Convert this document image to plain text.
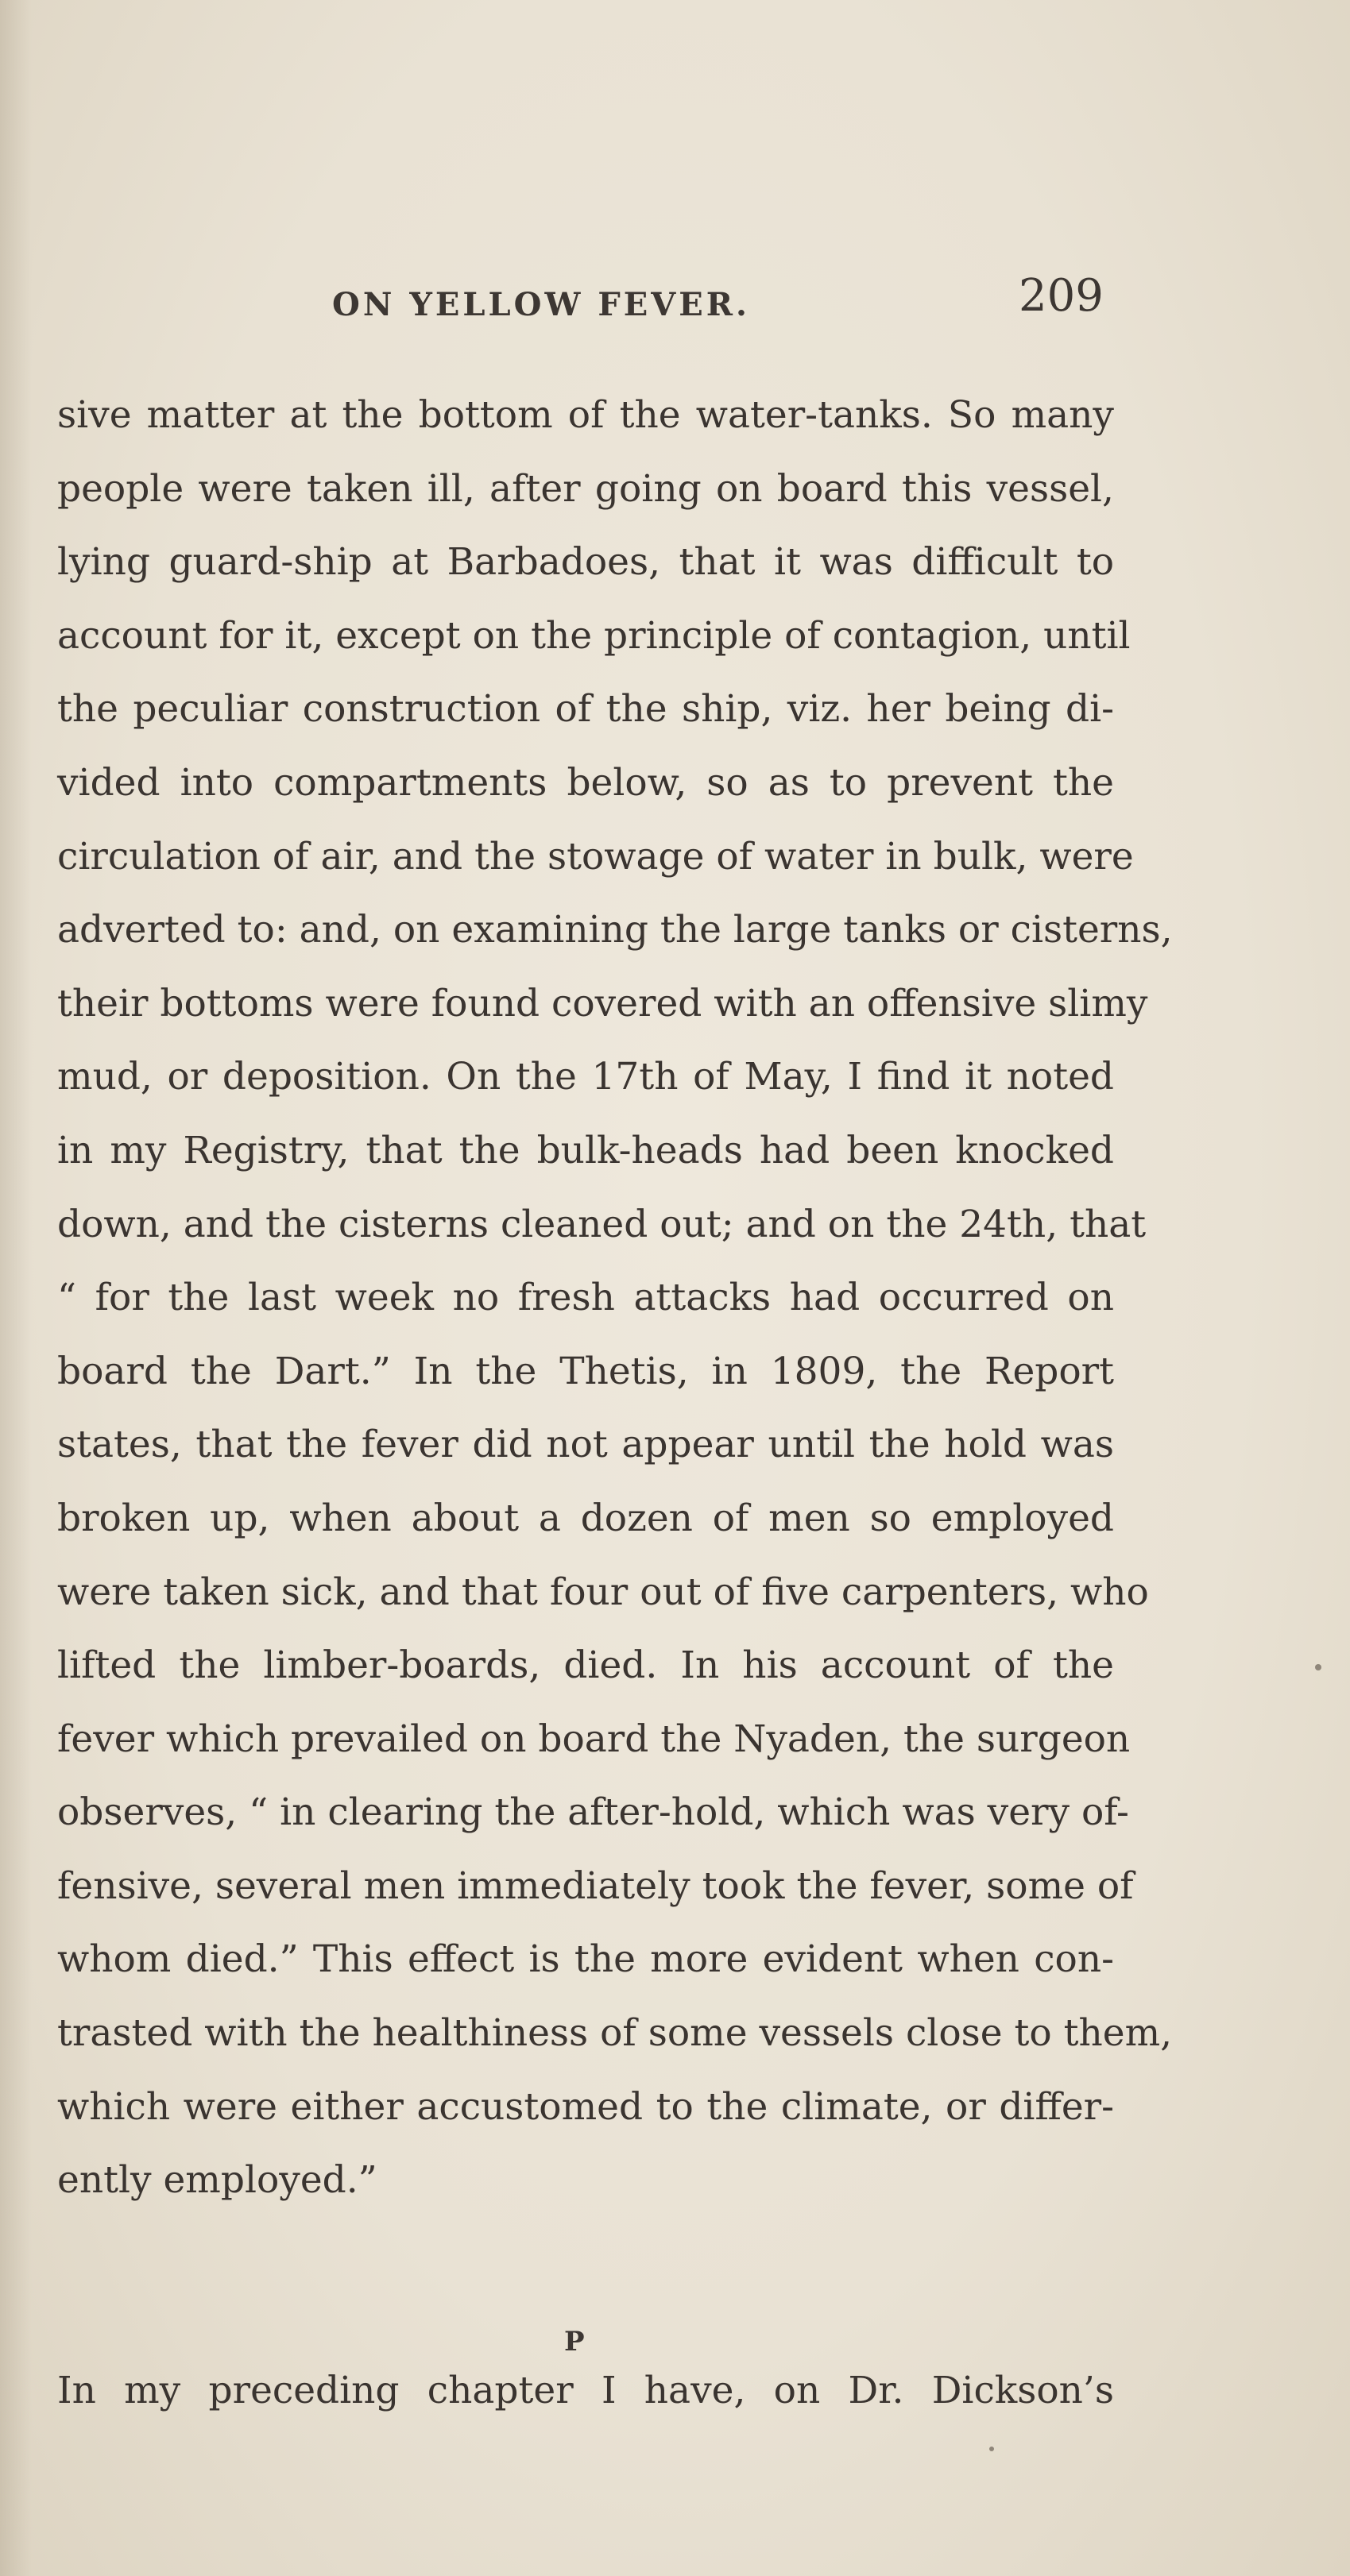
ON YELLOW FEVER.	209
sive matter at the bottom of the water-tanks. So many
people were taken ill, after going on board this vessel,
lying guard-ship at Barbadoes, that it was difficult to
account for it, except on the principle of contagion, until
the peculiar construction of the ship, viz. her being di-
vided into compartments below, so as to prevent the
circulation of air, and the stowage of water in bulk, were
adverted to: and, on examining the large tanks or cisterns,
their bottoms were found covered with an offensive slimy
mud, or deposition. On the 17th of May, I find it noted
in my Registry, that the bulk-heads had been knocked
down, and the cisterns cleaned out; and on the 24th, that
“ for the last week no fresh attacks had occurred on
board the Dart.” In the Thetis, in 1809, the Report
states, that the fever did not appear until the hold was
broken up, when about a dozen of men so employed
were taken sick, and that four out of five carpenters, who
lifted the limber-boards, died. In his account of the
fever which prevailed on board the Nyaden, the surgeon
observes, “ in clearing the after-hold, which was very of-
fensive, several men immediately took the fever, some of
whom died.” This effect is the more evident when con-
trasted with the healthiness of some vessels close to them,
which were either accustomed to the climate, or differ-
ently employed.”
In my preceding chapter I have, on Dr. Dickson’s
P
